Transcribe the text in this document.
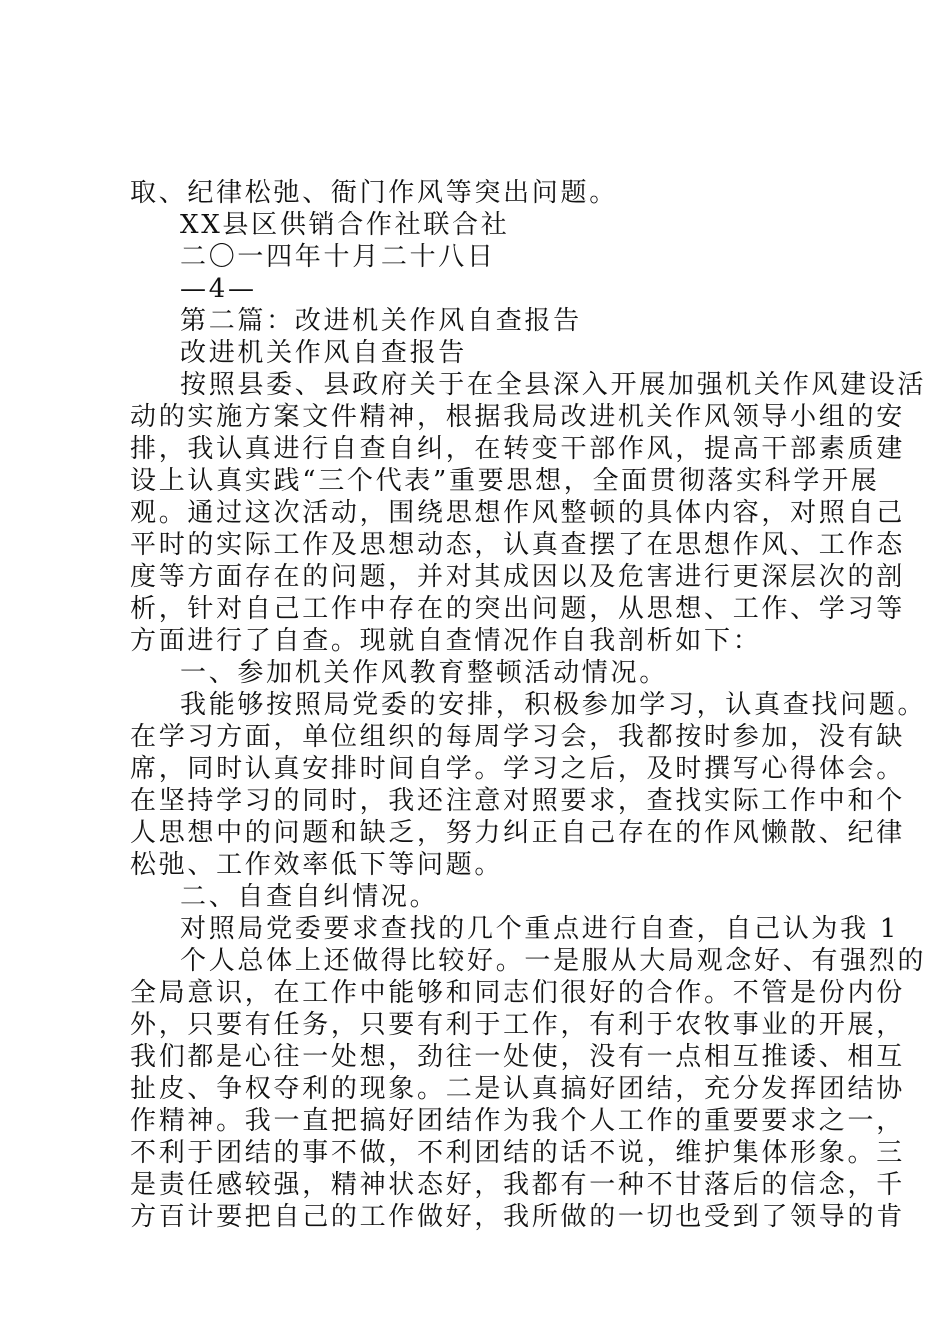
取、纪律松弛、衙门作风等突出问题。
XX县区供销合作社联合社
二〇一四年十月二十八日
—4—
第二篇：改进机关作风自查报告
改进机关作风自查报告
按照县委、县政府关于在全县深入开展加强机关作风建设活
动的实施方案文件精神，根据我局改进机关作风领导小组的安
排，我认真进行自查自纠，在转变干部作风，提高干部素质建
设上认真实践“三个代表”重要思想，全面贯彻落实科学开展
观。通过这次活动，围绕思想作风整顿的具体内容，对照自己
平时的实际工作及思想动态，认真查摆了在思想作风、工作态
度等方面存在的问题，并对其成因以及危害进行更深层次的剖
析，针对自己工作中存在的突出问题，从思想、工作、学习等
方面进行了自查。现就自查情况作自我剖析如下：
一、参加机关作风教育整顿活动情况。
我能够按照局党委的安排，积极参加学习，认真查找问题。
在学习方面，单位组织的每周学习会，我都按时参加，没有缺
席，同时认真安排时间自学。学习之后，及时撰写心得体会。
在坚持学习的同时，我还注意对照要求，查找实际工作中和个
人思想中的问题和缺乏，努力纠正自己存在的作风懒散、纪律
松弛、工作效率低下等问题。
二、自查自纠情况。
对照局党委要求查找的几个重点进行自查，自己认为我 1
个人总体上还做得比较好。一是服从大局观念好、有强烈的
全局意识，在工作中能够和同志们很好的合作。不管是份内份
外，只要有任务，只要有利于工作，有利于农牧事业的开展，
我们都是心往一处想，劲往一处使，没有一点相互推诿、相互
扯皮、争权夺利的现象。二是认真搞好团结，充分发挥团结协
作精神。我一直把搞好团结作为我个人工作的重要要求之一，
不利于团结的事不做，不利团结的话不说，维护集体形象。三
是责任感较强，精神状态好，我都有一种不甘落后的信念，千
方百计要把自己的工作做好，我所做的一切也受到了领导的肯
